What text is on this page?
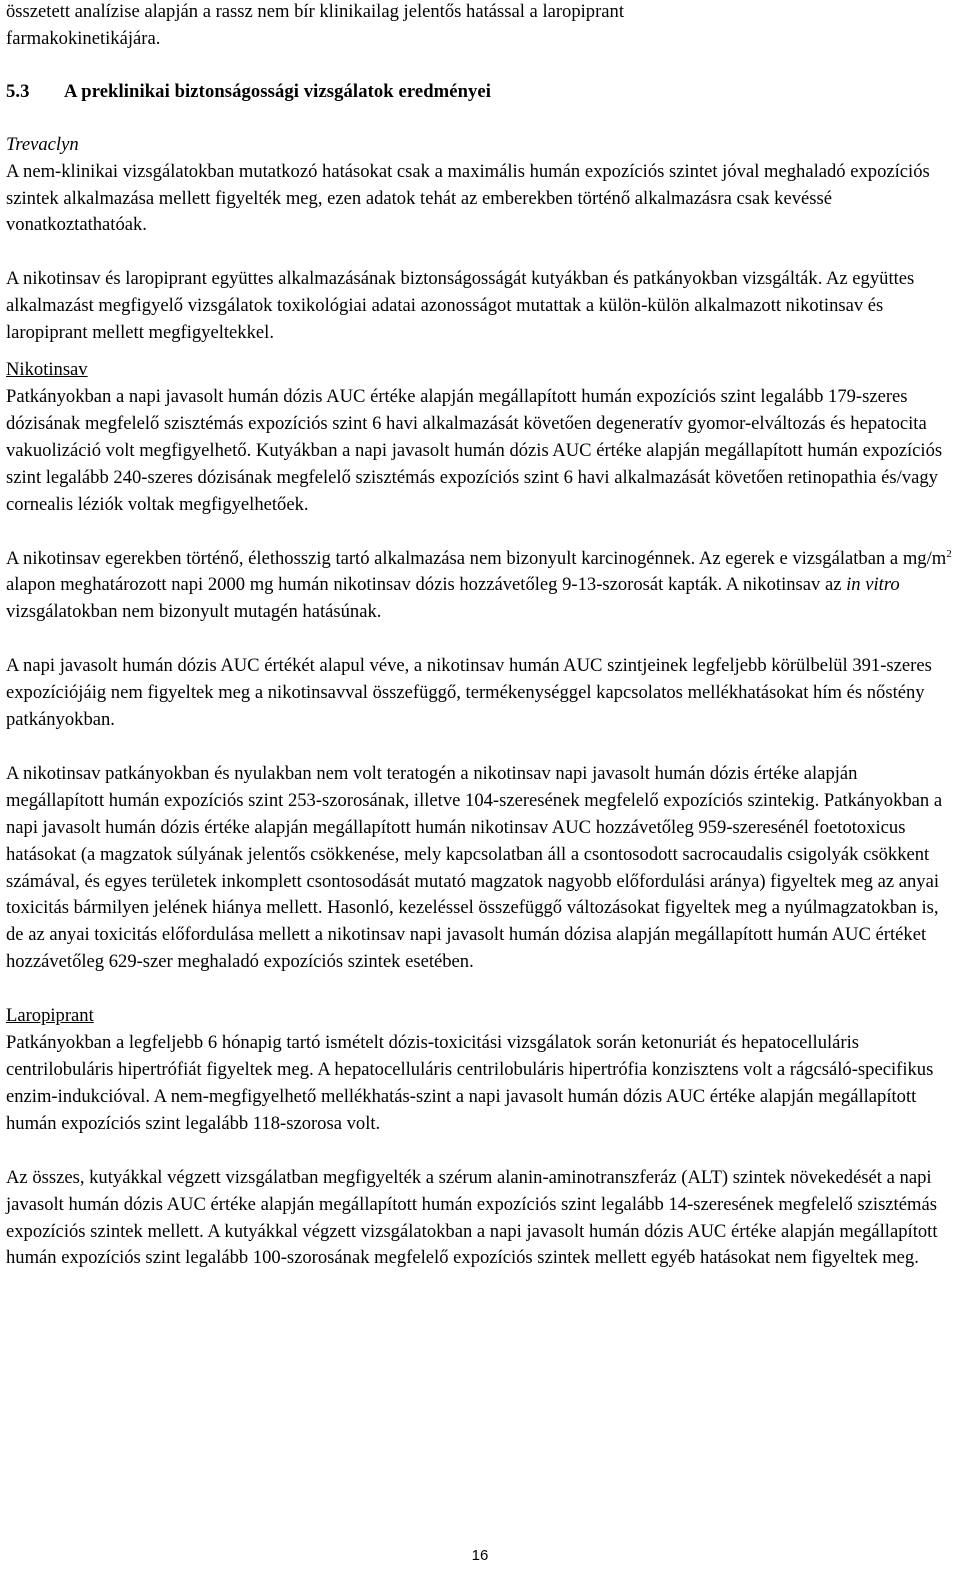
összetett analízise alapján a rassz nem bír klinikailag jelentős hatással a laropiprant

farmakokinetikájára.

5.3 A preklinikai biztonságossági vizsgálatok eredményei

Trevaclyn

A nem-klinikai vizsgálatokban mutatkozó hatásokat csak a maximális humán expozíciós szintet jóval meghaladó expozíciós szintek alkalmazása mellett figyelték meg, ezen adatok tehát az emberekben történő alkalmazásra csak kevéssé vonatkoztathatóak.

A nikotinsav és laropiprant együttes alkalmazásának biztonságosságát kutyákban és patkányokban vizsgálták. Az együttes alkalmazást megfigyelő vizsgálatok toxikológiai adatai azonosságot mutattak a külön-külön alkalmazott nikotinsav és laropiprant mellett megfigyeltekkel.

Nikotinsav

Patkányokban a napi javasolt humán dózis AUC értéke alapján megállapított humán expozíciós szint legalább 179-szeres dózisának megfelelő szisztémás expozíciós szint 6 havi alkalmazását követően degeneratív gyomor-elváltozás és hepatocita vakuolizáció volt megfigyelhető. Kutyákban a napi javasolt humán dózis AUC értéke alapján megállapított humán expozíciós szint legalább 240-szeres dózisának megfelelő szisztémás expozíciós szint 6 havi alkalmazását követően retinopathia és/vagy cornealis léziók voltak megfigyelhetőek.

A nikotinsav egerekben történő, élethosszig tartó alkalmazása nem bizonyult karcinogénnek. Az egerek e vizsgálatban a $mg/m^2$ alapon meghatározott napi 2000 mg humán nikotinsav dózis hozzávetőleg 9-13-szorosát kapták. A nikotinsav az in vitro vizsgálatokban nem bizonyult mutagén hatásúnak.

A napi javasolt humán dózis AUC értékét alapul véve, a nikotinsav humán AUC szintjeinek legfeljebb körülbelül 391-szeres expozíciójáig nem figyeltek meg a nikotinsavval összefüggő, termékenységgel kapcsolatos mellékhatásokat hím és nőstény patkányokban.

A nikotinsav patkányokban és nyulakban nem volt teratogén a nikotinsav napi javasolt humán dózis értéke alapján megállapított humán expozíciós szint 253-szorosának, illetve 104-szeresének megfelelő expozíciós szintekig. Patkányokban a napi javasolt humán dózis értéke alapján megállapított humán nikotinsav AUC hozzávetőleg 959-szeresénél foetotoxicus hatásokat (a magzatok súlyának jelentős csökkenése, mely kapcsolatban áll a csontosodott sacrocaudalis csigolyák csökkent számával, és egyes területek inkomplett csontosodását mutató magzatok nagyobb előfordulási aránya) figyeltek meg az anyai toxicitás bármilyen jelének hiánya mellett. Hasonló, kezeléssel összefüggő változásokat figyeltek meg a nyúlmagzatokban is, de az anyai toxicitás előfordulása mellett a nikotinsav napi javasolt humán dózisa alapján megállapított humán AUC értéket hozzávetőleg 629-szer meghaladó expozíciós szintek esetében.

Laropiprant

Patkányokban a legfeljebb 6 hónapig tartó ismételt dózis-toxicitási vizsgálatok során ketonuriát és hepatocelluláris centrilobuláris hipertrófiát figyeltek meg. A hepatocelluláris centrilobuláris hipertrófia konzisztens volt a rágcsáló-specifikus enzim-indukcióval. A nem-megfigyelhető mellékhatás-szint a napi javasolt humán dózis AUC értéke alapján megállapított humán expozíciós szint legalább 118-szorosa volt.

Az összes, kutyákkal végzett vizsgálatban megfigyelték a szérum alanin-aminotranszferáz (ALT) szintek növekedését a napi javasolt humán dózis AUC értéke alapján megállapított humán expozíciós szint legalább 14-szeresének megfelelő szisztémás expozíciós szintek mellett. A kutyákkal végzett vizsgálatokban a napi javasolt humán dózis AUC értéke alapján megállapított humán expozíciós szint legalább 100-szorosának megfelelő expozíciós szintek mellett egyéb hatásokat nem figyeltek meg.

16
